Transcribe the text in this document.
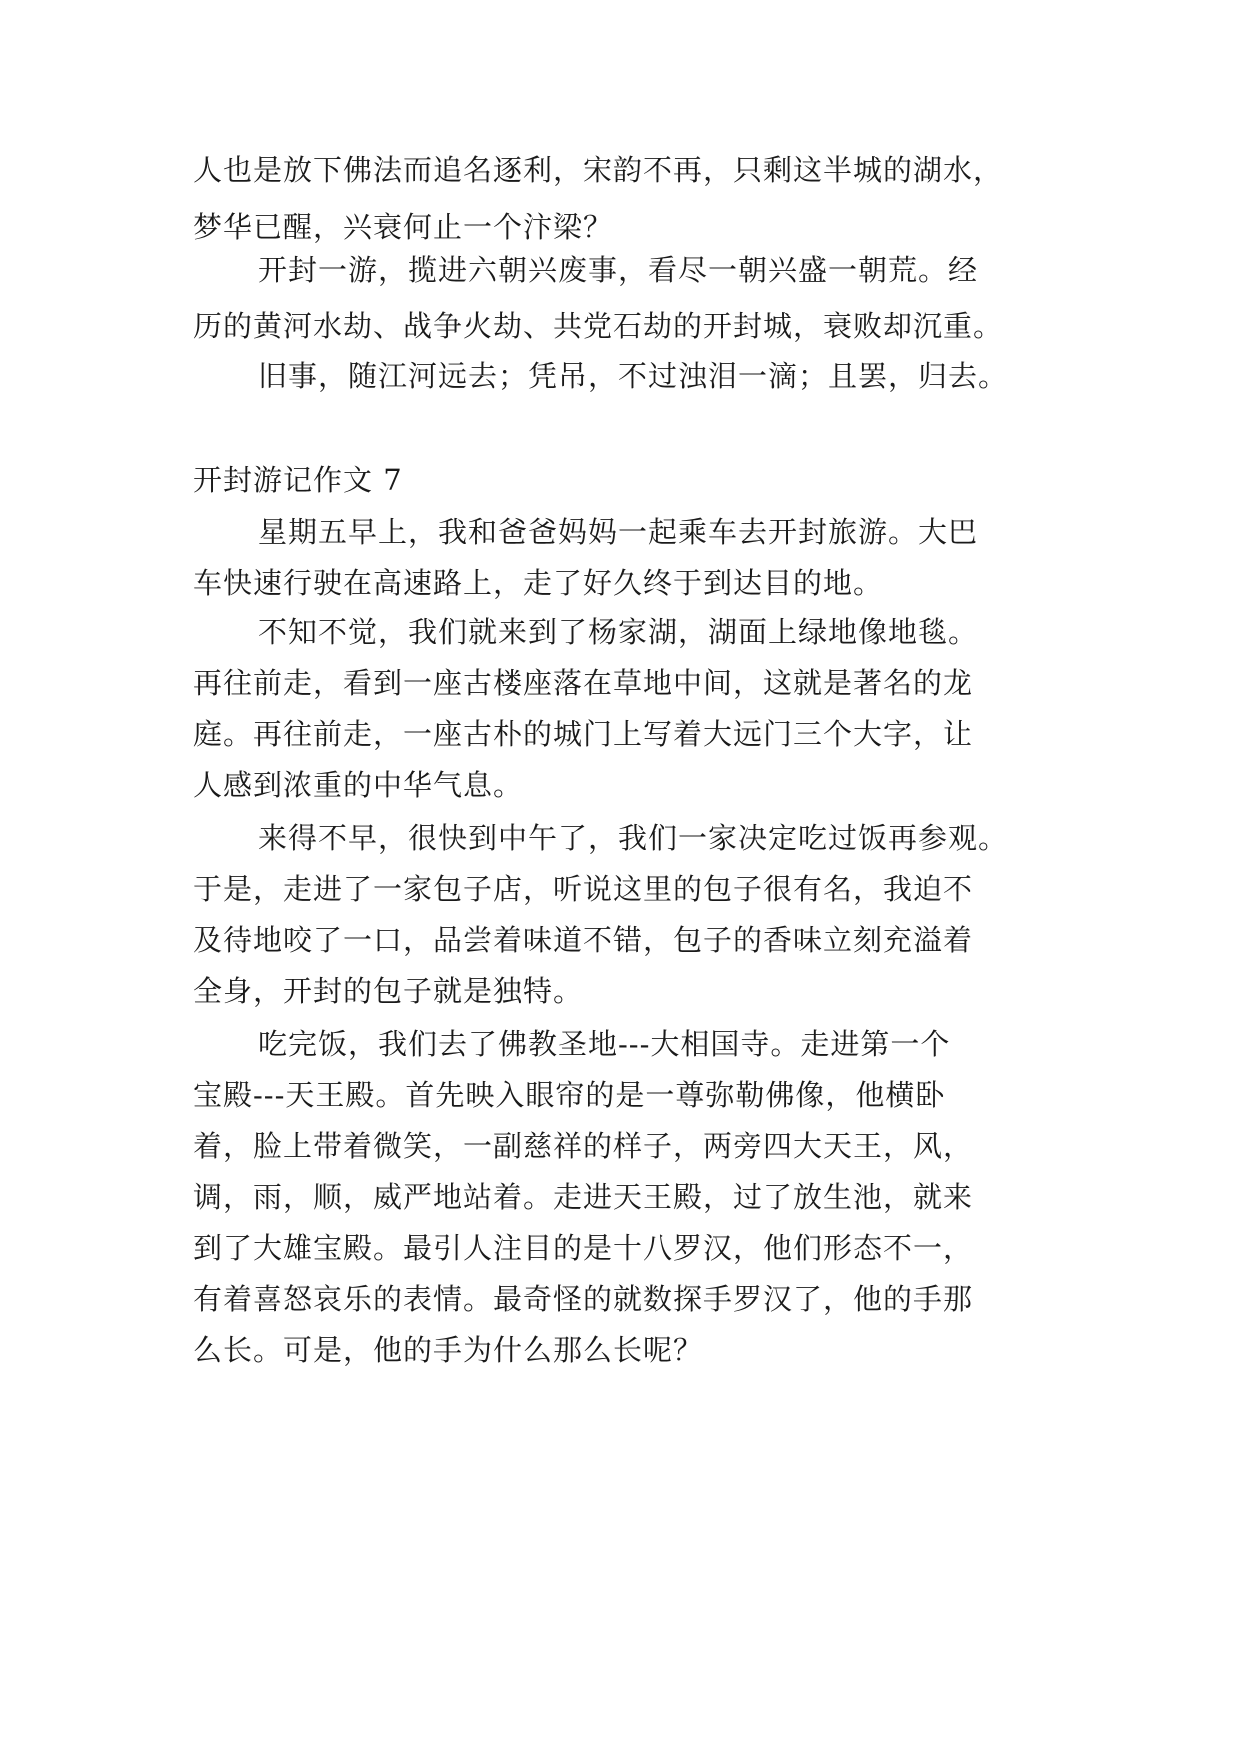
人也是放下佛法而追名逐利，宋韵不再，只剩这半城的湖水，
梦华已醒，兴衰何止一个汴梁？
开封一游，揽进六朝兴废事，看尽一朝兴盛一朝荒。经
历的黄河水劫、战争火劫、共党石劫的开封城，衰败却沉重。
旧事，随江河远去；凭吊，不过浊泪一滴；且罢，归去。
开封游记作文 7
星期五早上，我和爸爸妈妈一起乘车去开封旅游。大巴
车快速行驶在高速路上，走了好久终于到达目的地。
不知不觉，我们就来到了杨家湖，湖面上绿地像地毯。
再往前走，看到一座古楼座落在草地中间，这就是著名的龙
庭。再往前走，一座古朴的城门上写着大远门三个大字，让
人感到浓重的中华气息。
来得不早，很快到中午了，我们一家决定吃过饭再参观。
于是，走进了一家包子店，听说这里的包子很有名，我迫不
及待地咬了一口，品尝着味道不错，包子的香味立刻充溢着
全身，开封的包子就是独特。
吃完饭，我们去了佛教圣地---大相国寺。走进第一个
宝殿---天王殿。首先映入眼帘的是一尊弥勒佛像，他横卧
着，脸上带着微笑，一副慈祥的样子，两旁四大天王，风，
调，雨，顺，威严地站着。走进天王殿，过了放生池，就来
到了大雄宝殿。最引人注目的是十八罗汉，他们形态不一，
有着喜怒哀乐的表情。最奇怪的就数探手罗汉了，他的手那
么长。可是，他的手为什么那么长呢？
